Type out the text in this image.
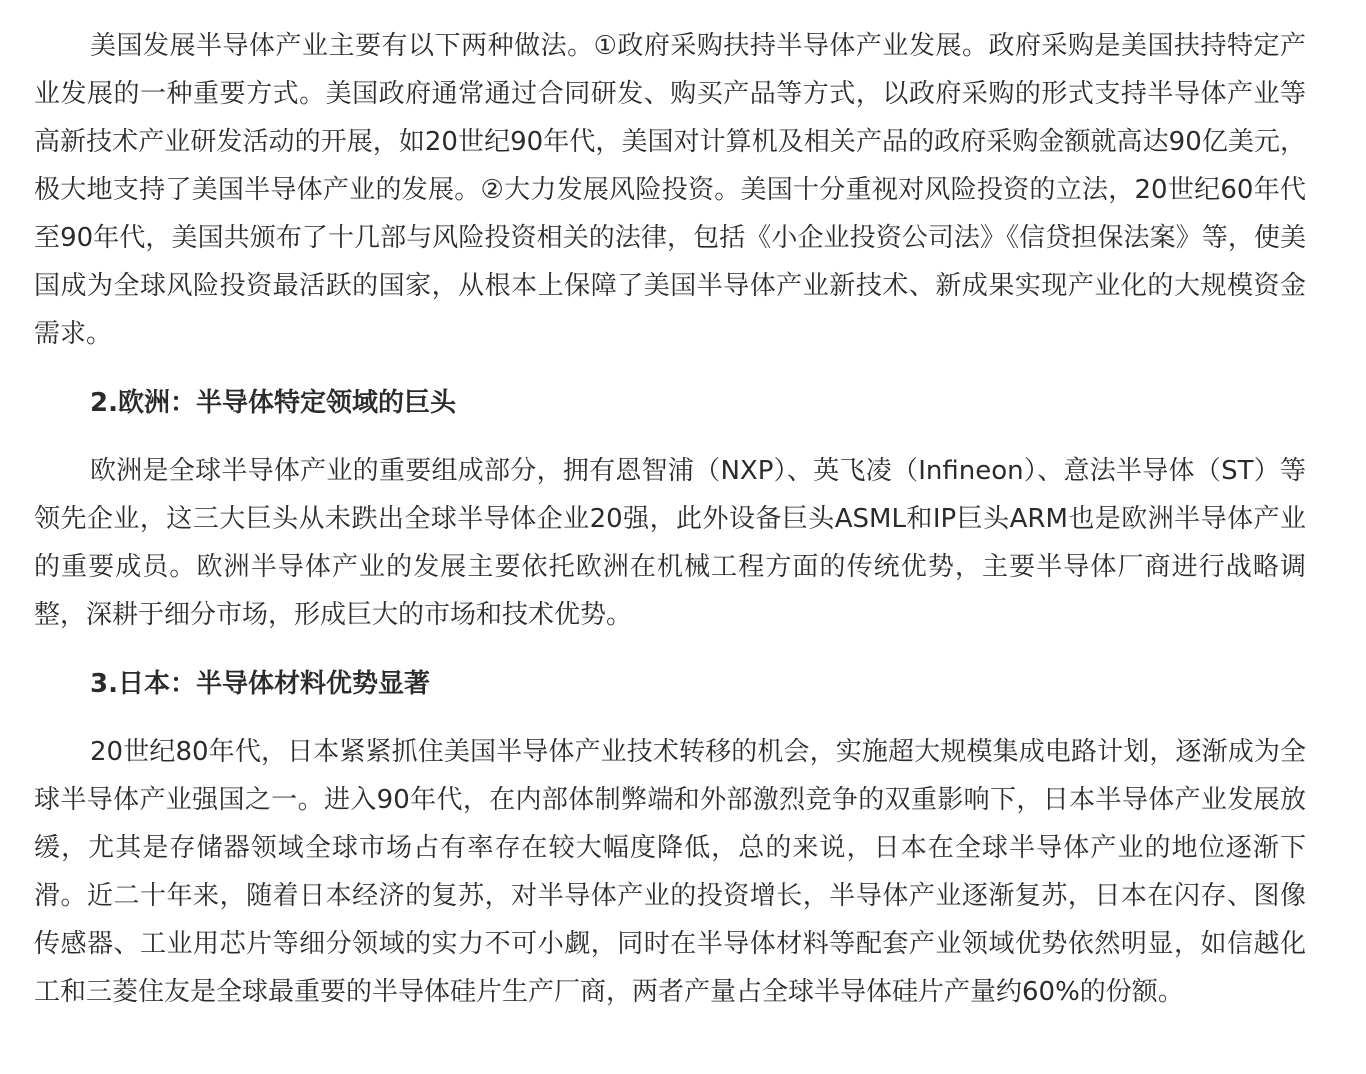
美国发展半导体产业主要有以下两种做法。①政府采购扶持半导体产业发展。政府采购是美国扶持特定产业发展的一种重要方式。美国政府通常通过合同研发、购买产品等方式，以政府采购的形式支持半导体产业等高新技术产业研发活动的开展，如20世纪90年代，美国对计算机及相关产品的政府采购金额就高达90亿美元，极大地支持了美国半导体产业的发展。②大力发展风险投资。美国十分重视对风险投资的立法，20世纪60年代至90年代，美国共颁布了十几部与风险投资相关的法律，包括《小企业投资公司法》《信贷担保法案》等，使美国成为全球风险投资最活跃的国家，从根本上保障了美国半导体产业新技术、新成果实现产业化的大规模资金需求。

2.欧洲：半导体特定领域的巨头

欧洲是全球半导体产业的重要组成部分，拥有恩智浦（NXP）、英飞凌（Infineon）、意法半导体（ST）等领先企业，这三大巨头从未跌出全球半导体企业20强，此外设备巨头ASML和IP巨头ARM也是欧洲半导体产业的重要成员。欧洲半导体产业的发展主要依托欧洲在机械工程方面的传统优势，主要半导体厂商进行战略调整，深耕于细分市场，形成巨大的市场和技术优势。

3.日本：半导体材料优势显著

20世纪80年代，日本紧紧抓住美国半导体产业技术转移的机会，实施超大规模集成电路计划，逐渐成为全球半导体产业强国之一。进入90年代，在内部体制弊端和外部激烈竞争的双重影响下，日本半导体产业发展放缓，尤其是存储器领域全球市场占有率存在较大幅度降低，总的来说，日本在全球半导体产业的地位逐渐下滑。近二十年来，随着日本经济的复苏，对半导体产业的投资增长，半导体产业逐渐复苏，日本在闪存、图像传感器、工业用芯片等细分领域的实力不可小觑，同时在半导体材料等配套产业领域优势依然明显，如信越化工和三菱住友是全球最重要的半导体硅片生产厂商，两者产量占全球半导体硅片产量约60%的份额。
